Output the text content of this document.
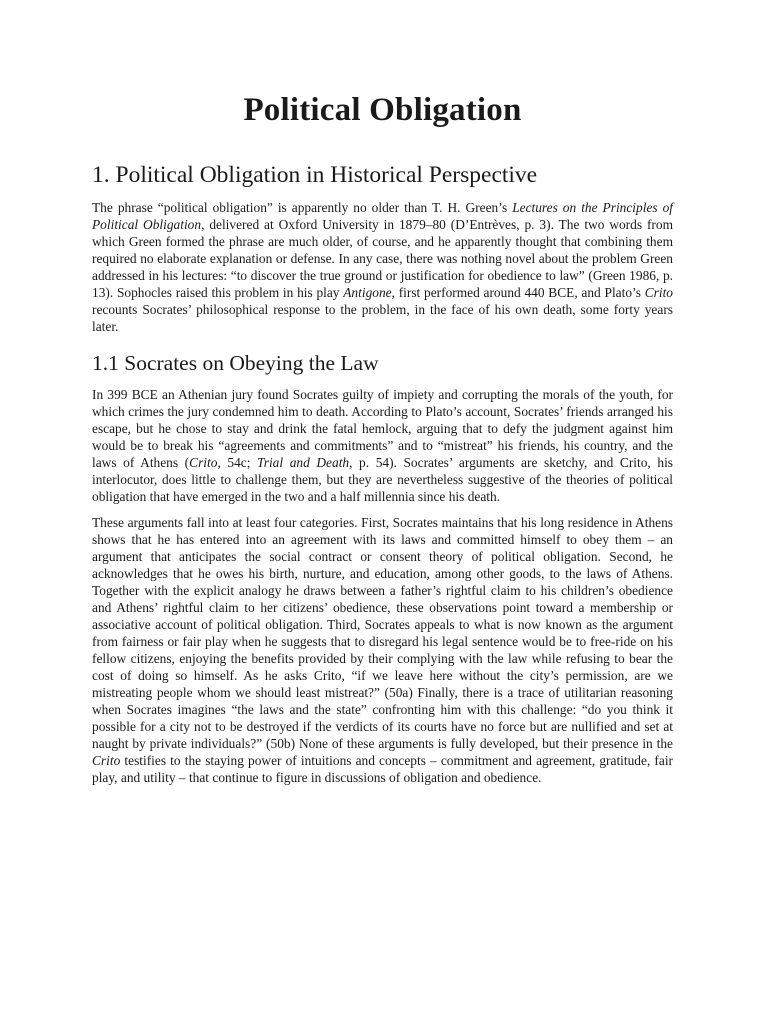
Political Obligation
1. Political Obligation in Historical Perspective

The phrase “political obligation” is apparently no older than T. H. Green’s Lectures on the Principles of Political Obligation, delivered at Oxford University in 1879–80 (D’Entrèves, p. 3). The two words from which Green formed the phrase are much older, of course, and he apparently thought that combining them required no elaborate explanation or defense. In any case, there was nothing novel about the problem Green addressed in his lectures: “to discover the true ground or justification for obedience to law” (Green 1986, p. 13). Sophocles raised this problem in his play Antigone, first performed around 440 BCE, and Plato’s Crito recounts Socrates’ philosophical response to the problem, in the face of his own death, some forty years later.

1.1 Socrates on Obeying the Law

In 399 BCE an Athenian jury found Socrates guilty of impiety and corrupting the morals of the youth, for which crimes the jury condemned him to death. According to Plato’s account, Socrates’ friends arranged his escape, but he chose to stay and drink the fatal hemlock, arguing that to defy the judgment against him would be to break his “agreements and commitments” and to “mistreat” his friends, his country, and the laws of Athens (Crito, 54c; Trial and Death, p. 54). Socrates’ arguments are sketchy, and Crito, his interlocutor, does little to challenge them, but they are nevertheless suggestive of the theories of political obligation that have emerged in the two and a half millennia since his death.

These arguments fall into at least four categories. First, Socrates maintains that his long residence in Athens shows that he has entered into an agreement with its laws and committed himself to obey them – an argument that anticipates the social contract or consent theory of political obligation. Second, he acknowledges that he owes his birth, nurture, and education, among other goods, to the laws of Athens. Together with the explicit analogy he draws between a father’s rightful claim to his children’s obedience and Athens’ rightful claim to her citizens’ obedience, these observations point toward a membership or associative account of political obligation. Third, Socrates appeals to what is now known as the argument from fairness or fair play when he suggests that to disregard his legal sentence would be to free-ride on his fellow citizens, enjoying the benefits provided by their complying with the law while refusing to bear the cost of doing so himself. As he asks Crito, “if we leave here without the city’s permission, are we mistreating people whom we should least mistreat?” (50a) Finally, there is a trace of utilitarian reasoning when Socrates imagines “the laws and the state” confronting him with this challenge: “do you think it possible for a city not to be destroyed if the verdicts of its courts have no force but are nullified and set at naught by private individuals?” (50b) None of these arguments is fully developed, but their presence in the Crito testifies to the staying power of intuitions and concepts – commitment and agreement, gratitude, fair play, and utility – that continue to figure in discussions of obligation and obedience.
